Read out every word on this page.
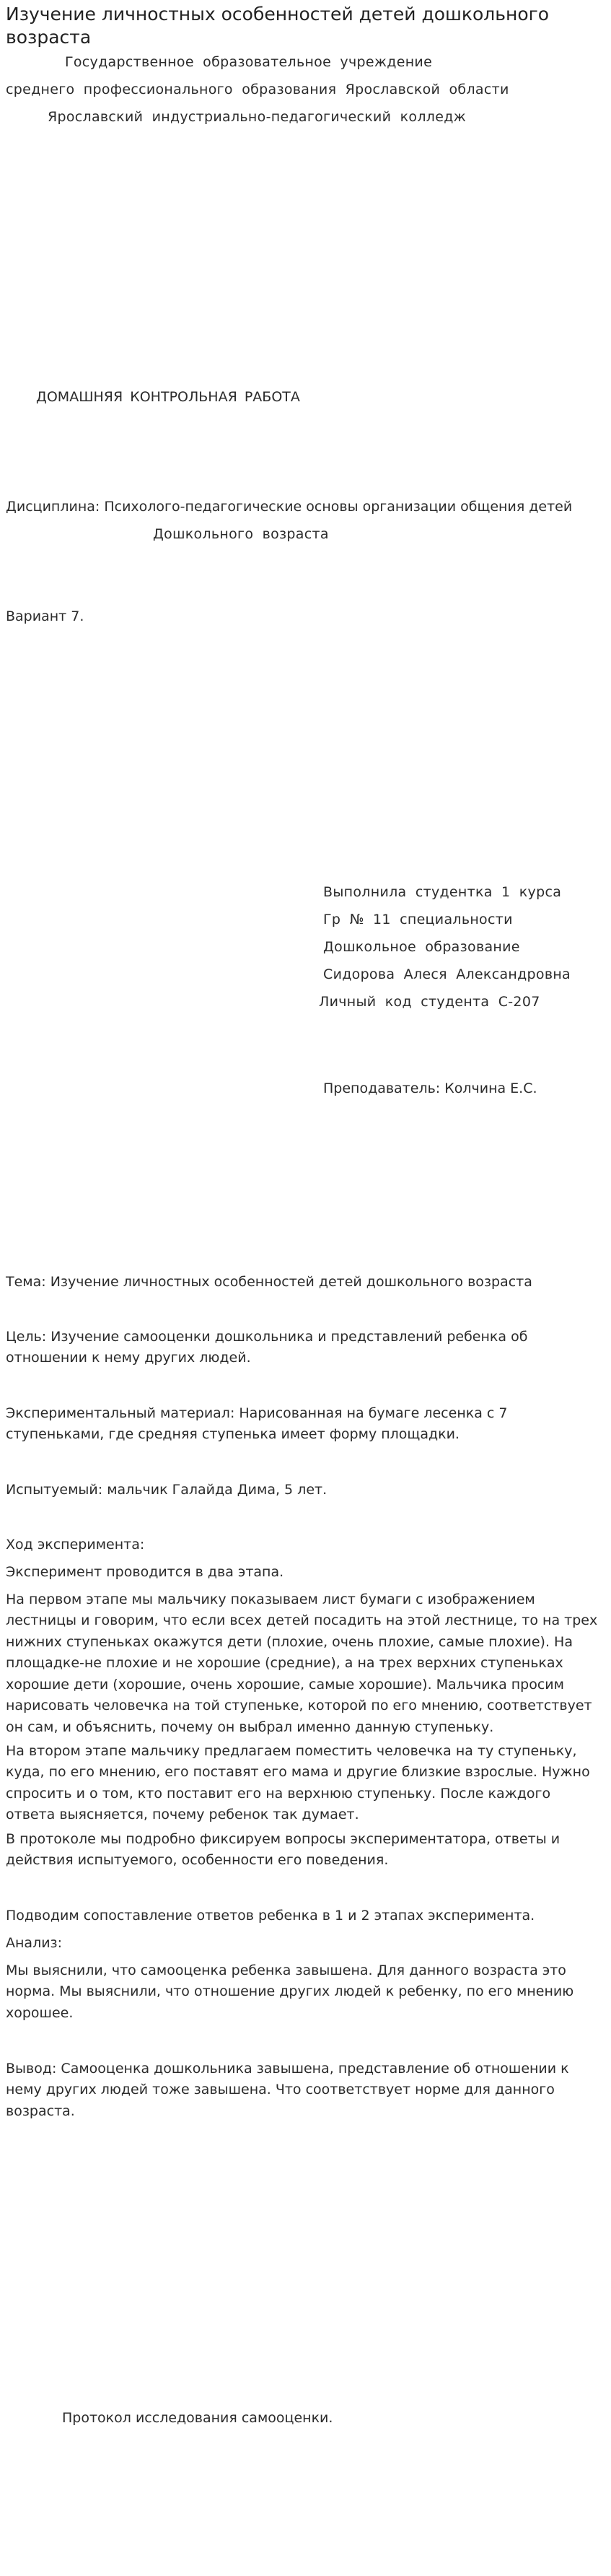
Изучение личностных особенностей детей дошкольного возраста
Государственное образовательное учреждение
среднего профессионального образования Ярославской области
Ярославский индустриально-педагогический колледж
ДОМАШНЯЯ КОНТРОЛЬНАЯ РАБОТА
Дисциплина: Психолого-педагогические основы организации общения детей
Дошкольного возраста
Вариант 7.
Выполнила студентка 1 курса
Гр № 11 специальности
Дошкольное образование
Сидорова Алеся Александровна
Личный код студента С-207
Преподаватель: Колчина Е.С.
Тема: Изучение личностных особенностей детей дошкольного возраста
Цель: Изучение самооценки дошкольника и представлений ребенка об отношении к нему других людей.
Экспериментальный материал: Нарисованная на бумаге лесенка с 7 ступеньками, где средняя ступенька имеет форму площадки.
Испытуемый: мальчик Галайда Дима, 5 лет.
Ход эксперимента:
Эксперимент проводится в два этапа.
На первом этапе мы мальчику показываем лист бумаги с изображением лестницы и говорим, что если всех детей посадить на этой лестнице, то на трех нижних ступеньках окажутся дети (плохие, очень плохие, самые плохие). На площадке-не плохие и не хорошие (средние), а на трех верхних ступеньках хорошие дети (хорошие, очень хорошие, самые хорошие). Мальчика просим нарисовать человечка на той ступеньке, которой по его мнению, соответствует он сам, и объяснить, почему он выбрал именно данную ступеньку.
На втором этапе мальчику предлагаем поместить человечка на ту ступеньку, куда, по его мнению, его поставят его мама и другие близкие взрослые. Нужно спросить и о том, кто поставит его на верхнюю ступеньку. После каждого ответа выясняется, почему ребенок так думает.
В протоколе мы подробно фиксируем вопросы экспериментатора, ответы и действия испытуемого, особенности его поведения.
Подводим сопоставление ответов ребенка в 1 и 2 этапах эксперимента.
Анализ:
Мы выяснили, что самооценка ребенка завышена. Для данного возраста это норма. Мы выяснили, что отношение других людей к ребенку, по его мнению хорошее.
Вывод: Самооценка дошкольника завышена, представление об отношении к нему других людей тоже завышена. Что соответствует норме для данного возраста.
Протокол исследования самооценки.
